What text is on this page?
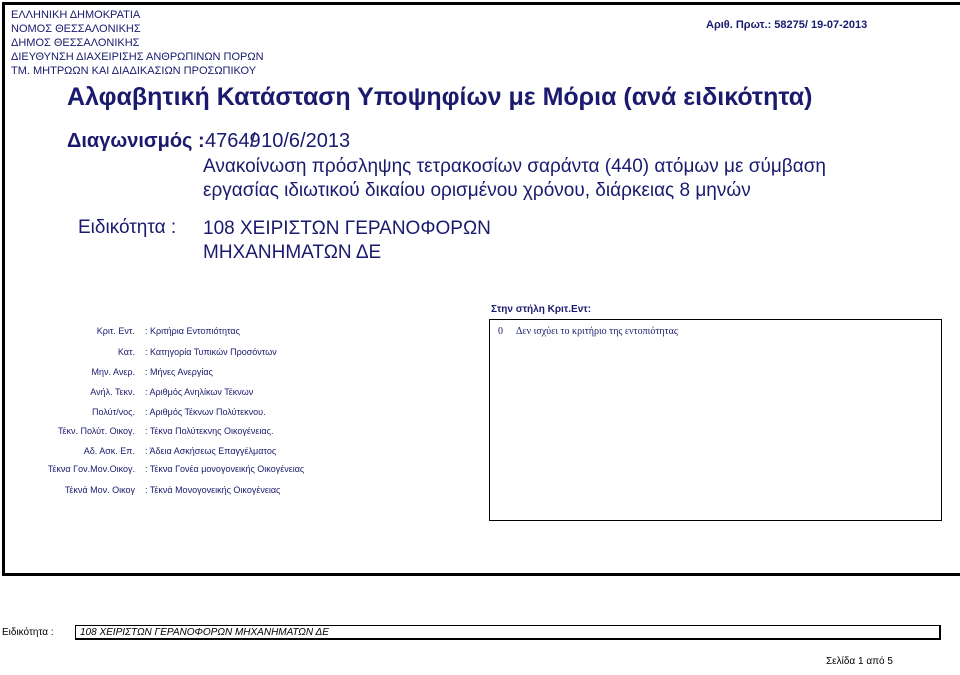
ΕΛΛΗΝΙΚΗ ΔΗΜΟΚΡΑΤΙΑ
ΝΟΜΟΣ ΘΕΣΣΑΛΟΝΙΚΗΣ
ΔΗΜΟΣ ΘΕΣΣΑΛΟΝΙΚΗΣ
ΔΙΕΥΘΥΝΣΗ ΔΙΑΧΕΙΡΙΣΗΣ ΑΝΘΡΩΠΙΝΩΝ ΠΟΡΩΝ
ΤΜ. ΜΗΤΡΩΩΝ ΚΑΙ ΔΙΑΔΙΚΑΣΙΩΝ ΠΡΟΣΩΠΙΚΟΥ
Αριθ. Πρωτ.: 58275/ 19-07-2013
Αλφαβητική Κατάσταση Υποψηφίων με Μόρια (ανά ειδικότητα)
Διαγωνισμός : 47649
/ 10/6/2013
Ανακοίνωση πρόσληψης τετρακοσίων σαράντα (440) ατόμων με σύμβαση εργασίας ιδιωτικού δικαίου ορισμένου χρόνου, διάρκειας 8 μηνών
Ειδικότητα : 108 ΧΕΙΡΙΣΤΩΝ ΓΕΡΑΝΟΦΟΡΩΝ ΜΗΧΑΝΗΜΑΤΩΝ ΔΕ
Στην στήλη Κριτ.Εντ:
Κριτ. Εντ. : Κριτήρια Εντοπιότητας
Κατ. : Κατηγορία Τυπικών Προσόντων
Μην. Ανερ. : Μήνες Ανεργίας
Ανήλ. Τεκν. : Αριθμός Ανηλίκων Τέκνων
Πολύτ/νος. : Αριθμός Τέκνων Πολύτεκνου.
Τέκν. Πολύτ. Οικογ. : Τέκνα Πολύτεκνης Οικογένειας.
Αδ. Ασκ. Επ. : Άδεια Ασκήσεως Επαγγέλματος
Τέκνα Γον.Μον.Οικογ. : Τέκνα Γονέα μονογονεικής Οικογένειας
Τέκνά Μον. Οικογ : Τέκνά Μονογονεικής Οικογένειας
0 Δεν ισχύει το κριτήριο της εντοπιότητας
Ειδικότητα :	108 ΧΕΙΡΙΣΤΩΝ ΓΕΡΑΝΟΦΟΡΩΝ ΜΗΧΑΝΗΜΑΤΩΝ ΔΕ
Σελίδα 1 από 5
